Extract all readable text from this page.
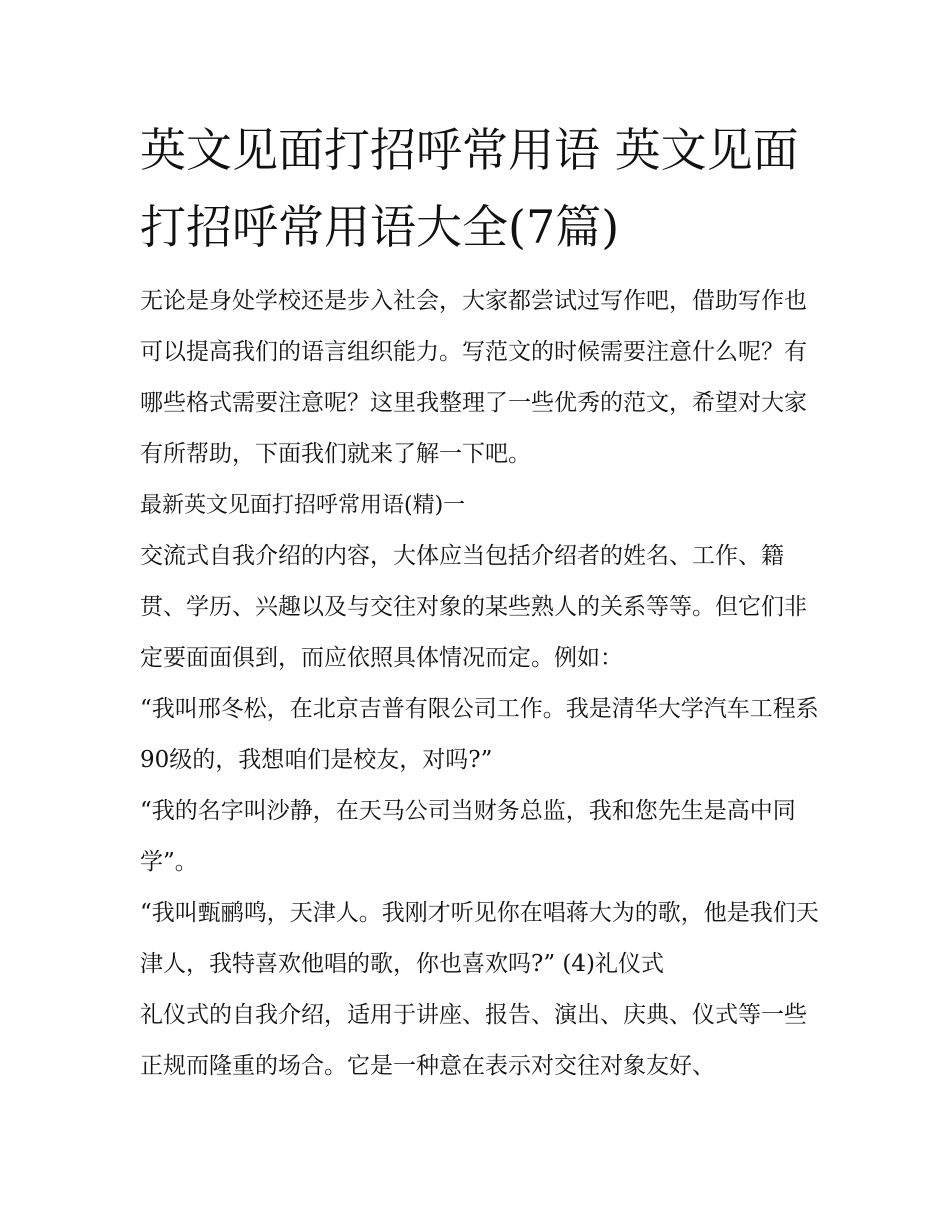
英文见面打招呼常用语 英文见面打招呼常用语大全(7篇)

无论是身处学校还是步入社会，大家都尝试过写作吧，借助写作也可以提高我们的语言组织能力。写范文的时候需要注意什么呢？有哪些格式需要注意呢？这里我整理了一些优秀的范文，希望对大家有所帮助，下面我们就来了解一下吧。

最新英文见面打招呼常用语(精)一

交流式自我介绍的内容，大体应当包括介绍者的姓名、工作、籍贯、学历、兴趣以及与交往对象的某些熟人的关系等等。但它们非定要面面俱到，而应依照具体情况而定。例如：

“我叫邢冬松，在北京吉普有限公司工作。我是清华大学汽车工程系90级的，我想咱们是校友，对吗?”

“我的名字叫沙静，在天马公司当财务总监，我和您先生是高中同学”。

“我叫甄鹂鸣，天津人。我刚才听见你在唱蒋大为的歌，他是我们天津人，我特喜欢他唱的歌，你也喜欢吗?” (4)礼仪式

礼仪式的自我介绍，适用于讲座、报告、演出、庆典、仪式等一些正规而隆重的场合。它是一种意在表示对交往对象友好、
